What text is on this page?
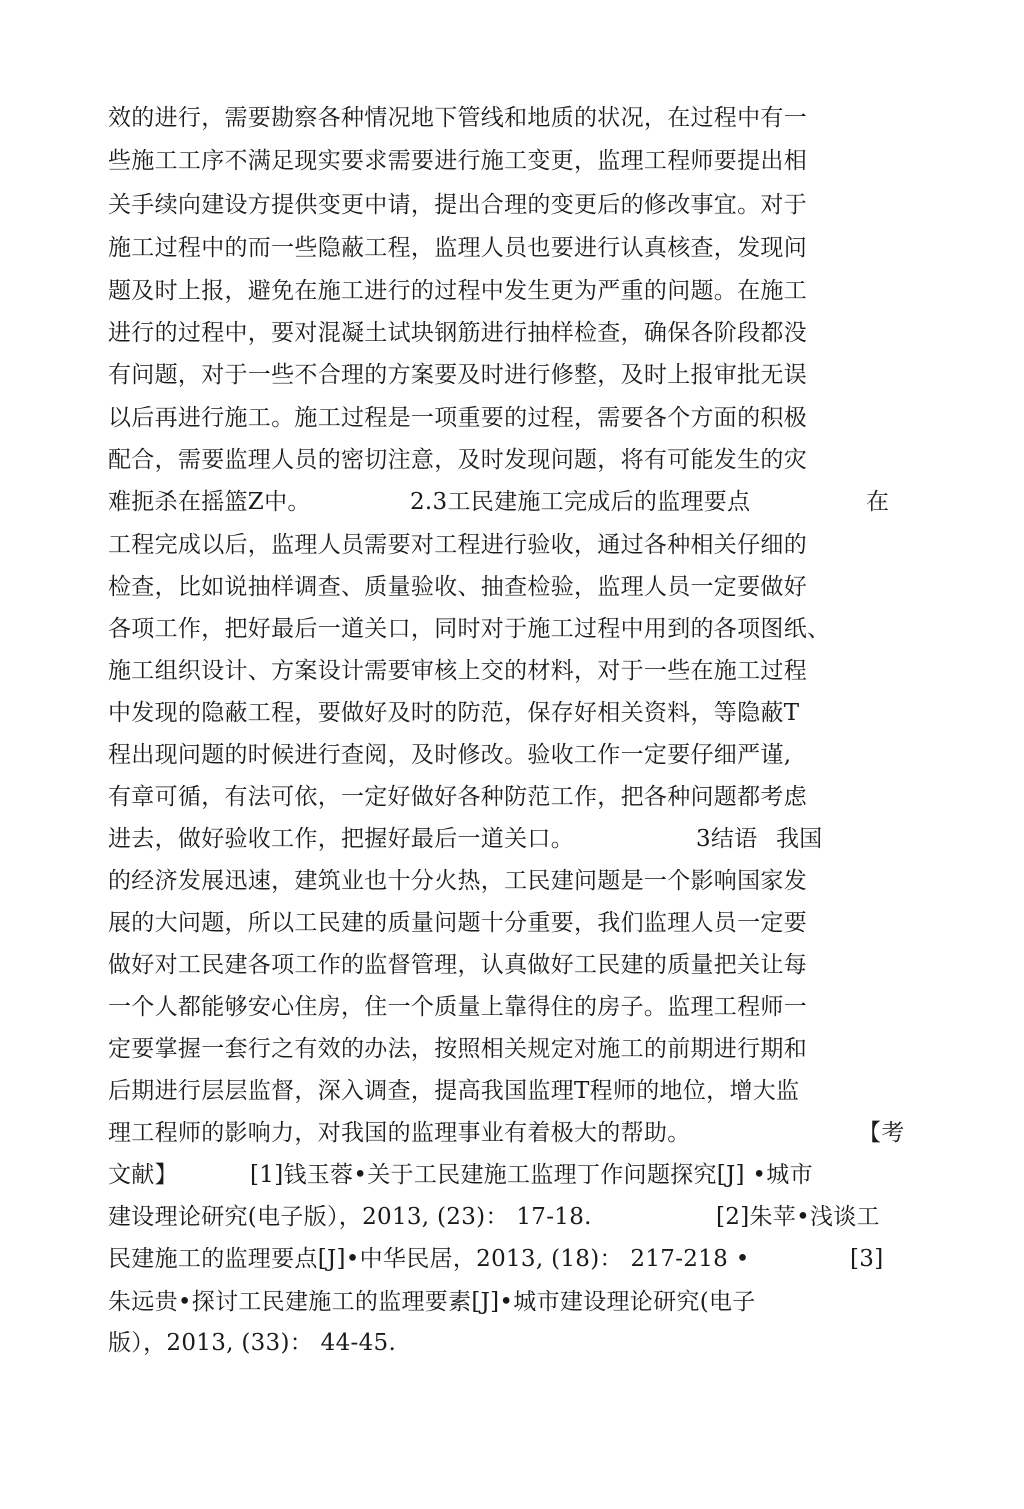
效的进行，需要勘察各种情况地下管线和地质的状况，在过程中有一
些施工工序不满足现实要求需要进行施工变更，监理工程师要提出相
关手续向建设方提供变更中请，提出合理的变更后的修改事宜。对于
施工过程中的而一些隐蔽工程，监理人员也要进行认真核查，发现问
题及时上报，避免在施工进行的过程中发生更为严重的问题。在施工
进行的过程中，要对混凝土试块钢筋进行抽样检查，确保各阶段都没
有问题，对于一些不合理的方案要及时进行修整，及时上报审批无误
以后再进行施工。施工过程是一项重要的过程，需要各个方面的积极
配合，需要监理人员的密切注意，及时发现问题，将有可能发生的灾
难扼杀在摇篮Z中。	2.3工民建施工完成后的监理要点	在
工程完成以后，监理人员需要对工程进行验收，通过各种相关仔细的
检查，比如说抽样调查、质量验收、抽查检验，监理人员一定要做好
各项工作，把好最后一道关口，同时对于施工过程中用到的各项图纸、
施工组织设计、方案设计需要审核上交的材料，对于一些在施工过程
中发现的隐蔽工程，要做好及时的防范，保存好相关资料，等隐蔽T
程出现问题的时候进行查阅，及时修改。验收工作一定要仔细严谨,
有章可循，有法可依，一定好做好各种防范工作，把各种问题都考虑
进去，做好验收工作，把握好最后一道关口。	3结语 我国
的经济发展迅速，建筑业也十分火热，工民建问题是一个影响国家发
展的大问题，所以工民建的质量问题十分重要，我们监理人员一定要
做好对工民建各项工作的监督管理，认真做好工民建的质量把关让每
一个人都能够安心住房，住一个质量上靠得住的房子。监理工程师一
定要掌握一套行之有效的办法，按照相关规定对施工的前期进行期和
后期进行层层监督，深入调查，提高我国监理T程师的地位，增大监
理工程师的影响力，对我国的监理事业有着极大的帮助。	【考
文献】	[1]钱玉蓉•关于工民建施工监理丁作问题探究[J] •城市
建设理论研究(电子版），2013, (23)： 17-18.	[2]朱苹•浅谈工
民建施工的监理要点[J]•中华民居，2013, (18)： 217-218 •	[3]
朱远贵•探讨工民建施工的监理要素[J]•城市建设理论研究(电子
版），2013, (33)： 44-45.
